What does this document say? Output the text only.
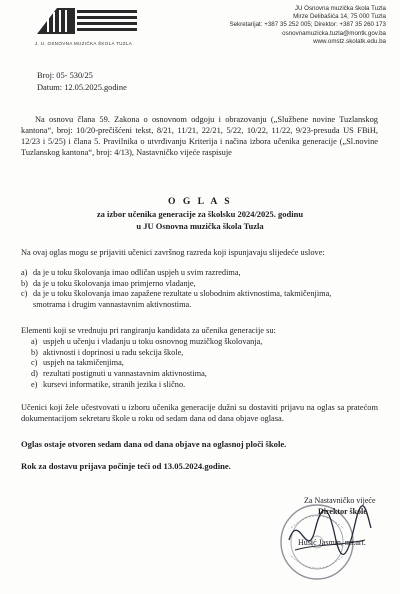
J. U. OSNOVNA MUZIČKA ŠKOLA TUZLA
JU Osnovna muzička škola Tuzla
Mirze Delibašića 14, 75 000 Tuzla
Sekretarijat: +387 35 252 005; Direktor: +387 35 260 173
osnovnamuzicka.tuzla@montk.gov.ba
www.omstz.skolatk.edu.ba
Broj: 05- 530/25
Datum: 12.05.2025.godine
Na osnovu člana 59. Zakona o osnovnom odgoju i obrazovanju („Službene novine Tuzlanskog kantona“, broj: 10/20-prečišćeni tekst, 8/21, 11/21, 22/21, 5/22, 10/22, 11/22, 9/23-presuda US FBiH, 12/23 i 5/25) i člana 5. Pravilnika o utvrđivanju Kriterija i načina izbora učenika generacije („Sl.novine Tuzlanskog kantona“, broj: 4/13), Nastavničko vijeće raspisuje
O G L A S
za izbor učenika generacije za školsku 2024/2025. godinu
u JU Osnovna muzička škola Tuzla
Na ovaj oglas mogu se prijaviti učenici završnog razreda koji ispunjavaju slijedeće uslove:
a) da je u toku školovanja imao odličan uspjeh u svim razredima,
b) da je u toku školovanja imao primjerno vladanje,
c) da je u toku školovanja imao zapažene rezultate u slobodnim aktivnostima, takmičenjima,
smotrama i drugim vannastavnim aktivnostima.
Elementi koji se vrednuju pri rangiranju kandidata za učenika generacije su:
a) uspjeh u učenju i vladanju u toku osnovnog muzičkog školovanja,
b) aktivnosti i doprinosi u radu sekcija škole,
c) uspjeh na takmičenjima,
d) rezultati postignuti u vannastavnim aktivnostima,
e) kursevi informatike, stranih jezika i slično.
Učenici koji žele učestvovati u izboru učenika generacije dužni su dostaviti prijavu na oglas sa pratećom dokumentacijom sekretaru škole u roku od sedam dana od dana objave oglasa.
Oglas ostaje otvoren sedam dana od dana objave na oglasnoj ploči škole.
Rok za dostavu prijava počinje teći od 13.05.2024.godine.
Za Nastavničko vijeće
Direktor škole
Husić Jasmin, mr.art.
